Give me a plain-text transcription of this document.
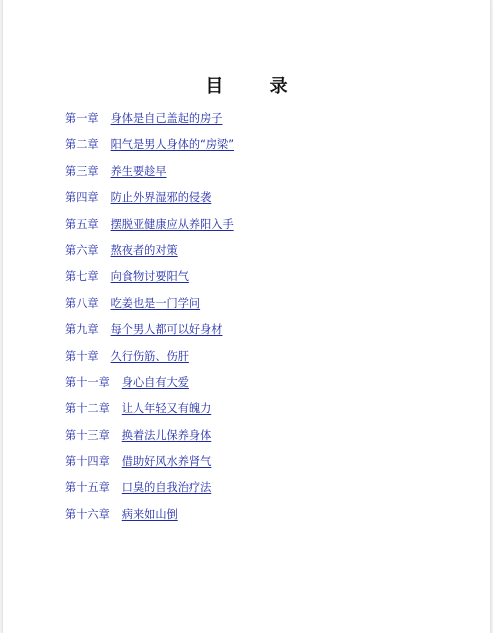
目 录
第一章 身体是自己盖起的房子
第二章 阳气是男人身体的“房梁”
第三章 养生要趁早
第四章 防止外界湿邪的侵袭
第五章 摆脱亚健康应从养阳入手
第六章 熬夜者的对策
第七章 向食物讨要阳气
第八章 吃姜也是一门学问
第九章 每个男人都可以好身材
第十章 久行伤筋、伤肝
第十一章 身心自有大爱
第十二章 让人年轻又有魄力
第十三章 换着法儿保养身体
第十四章 借助好风水养肾气
第十五章 口臭的自我治疗法
第十六章 病来如山倒
